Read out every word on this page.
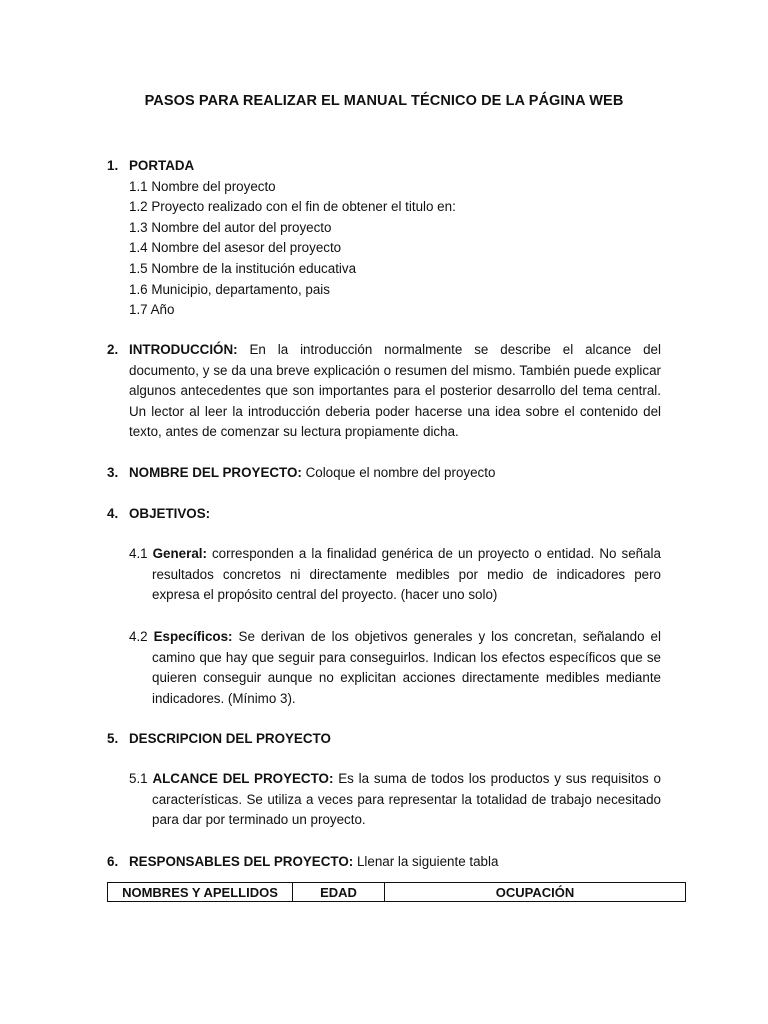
PASOS PARA REALIZAR EL MANUAL TÉCNICO DE LA PÁGINA WEB
1. PORTADA
1.1 Nombre del proyecto
1.2 Proyecto realizado con el fin de obtener el titulo en:
1.3 Nombre del autor del proyecto
1.4 Nombre del asesor del proyecto
1.5 Nombre de la institución educativa
1.6 Municipio, departamento, pais
1.7 Año
2. INTRODUCCIÓN: En la introducción normalmente se describe el alcance del documento, y se da una breve explicación o resumen del mismo. También puede explicar algunos antecedentes que son importantes para el posterior desarrollo del tema central. Un lector al leer la introducción deberia poder hacerse una idea sobre el contenido del texto, antes de comenzar su lectura propiamente dicha.
3. NOMBRE DEL PROYECTO: Coloque el nombre del proyecto
4. OBJETIVOS:
4.1 General: corresponden a la finalidad genérica de un proyecto o entidad. No señala resultados concretos ni directamente medibles por medio de indicadores pero expresa el propósito central del proyecto. (hacer uno solo)
4.2 Específicos: Se derivan de los objetivos generales y los concretan, señalando el camino que hay que seguir para conseguirlos. Indican los efectos específicos que se quieren conseguir aunque no explicitan acciones directamente medibles mediante indicadores. (Mínimo 3).
5. DESCRIPCION DEL PROYECTO
5.1 ALCANCE DEL PROYECTO: Es la suma de todos los productos y sus requisitos o características. Se utiliza a veces para representar la totalidad de trabajo necesitado para dar por terminado un proyecto.
6. RESPONSABLES DEL PROYECTO: Llenar la siguiente tabla
NOMBRES Y APELLIDOS	EDAD	OCUPACIÓN
